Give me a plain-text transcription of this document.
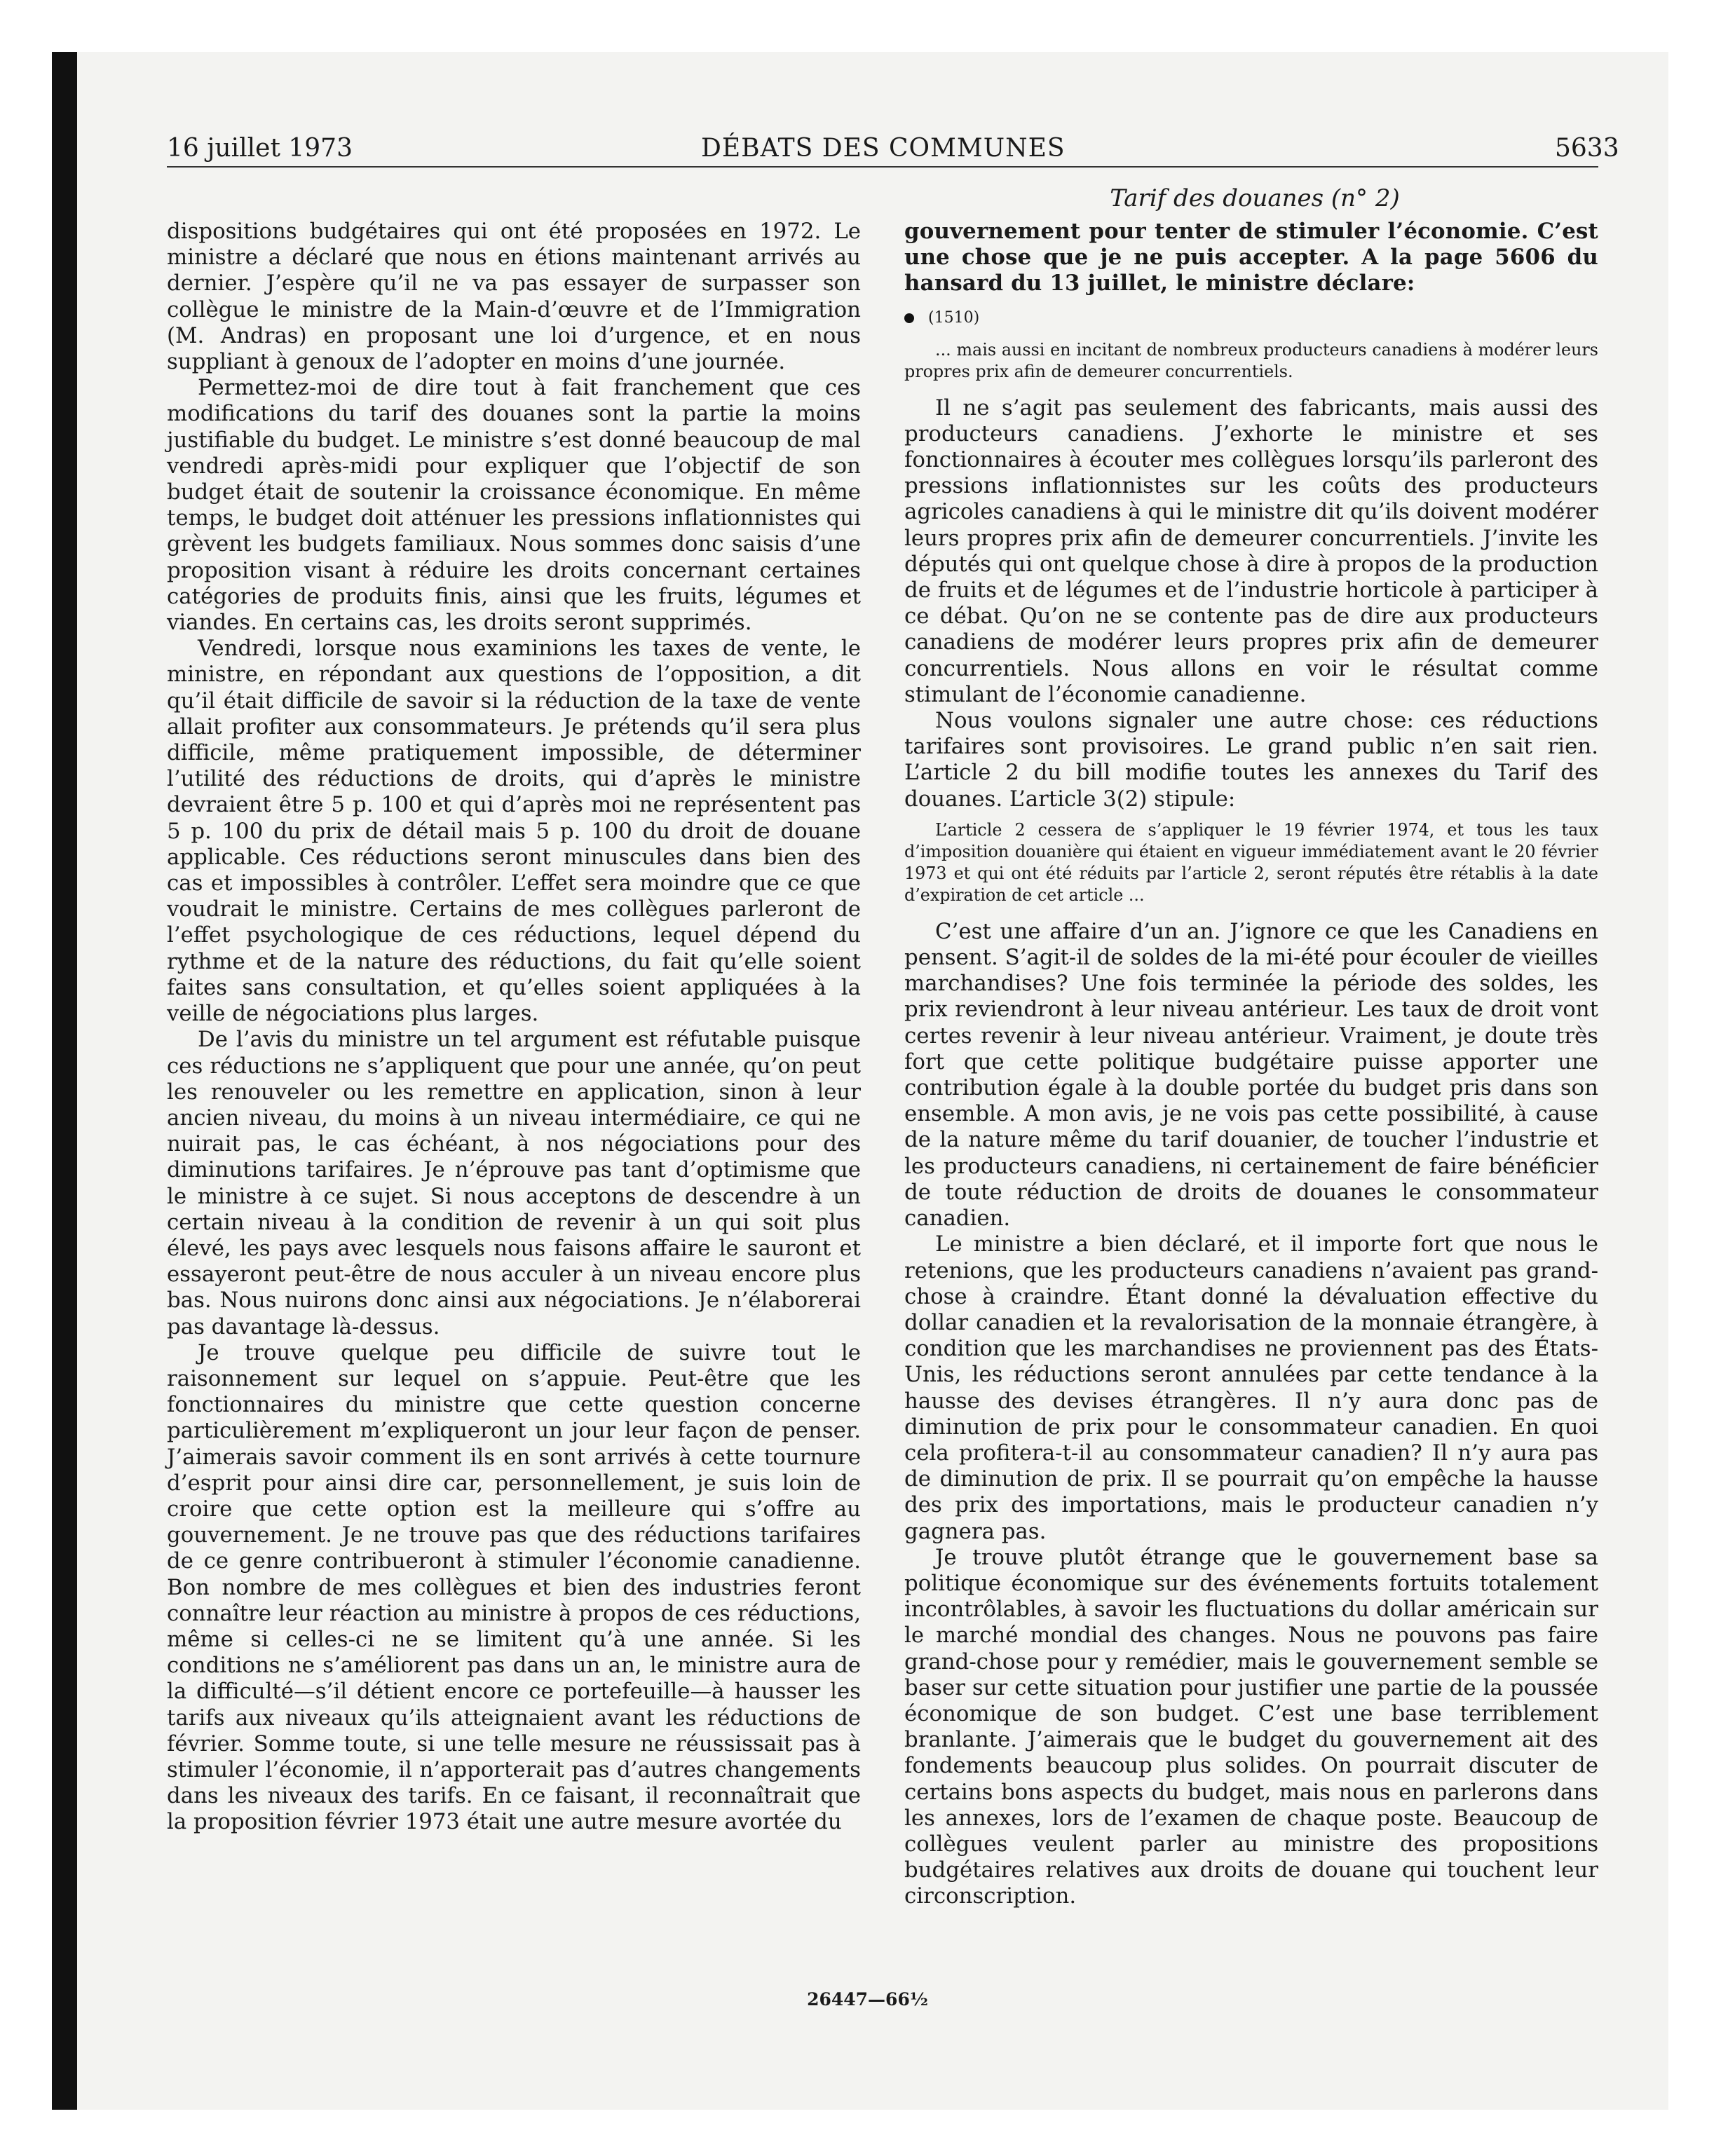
16 juillet 1973	DÉBATS DES COMMUNES	5633
Tarif des douanes (n° 2)

dispositions budgétaires qui ont été proposées en 1972. Le ministre a déclaré que nous en étions maintenant arrivés au dernier. J’espère qu’il ne va pas essayer de surpasser son collègue le ministre de la Main-d’œuvre et de l’Immigration (M. Andras) en proposant une loi d’urgence, et en nous suppliant à genoux de l’adopter en moins d’une journée.

Permettez-moi de dire tout à fait franchement que ces modifications du tarif des douanes sont la partie la moins justifiable du budget. Le ministre s’est donné beaucoup de mal vendredi après-midi pour expliquer que l’objectif de son budget était de soutenir la croissance économique. En même temps, le budget doit atténuer les pressions inflationnistes qui grèvent les budgets familiaux. Nous sommes donc saisis d’une proposition visant à réduire les droits concernant certaines catégories de produits finis, ainsi que les fruits, légumes et viandes. En certains cas, les droits seront supprimés.

Vendredi, lorsque nous examinions les taxes de vente, le ministre, en répondant aux questions de l’opposition, a dit qu’il était difficile de savoir si la réduction de la taxe de vente allait profiter aux consommateurs. Je prétends qu’il sera plus difficile, même pratiquement impossible, de déterminer l’utilité des réductions de droits, qui d’après le ministre devraient être 5 p. 100 et qui d’après moi ne représentent pas 5 p. 100 du prix de détail mais 5 p. 100 du droit de douane applicable. Ces réductions seront minuscules dans bien des cas et impossibles à contrôler. L’effet sera moindre que ce que voudrait le ministre. Certains de mes collègues parleront de l’effet psychologique de ces réductions, lequel dépend du rythme et de la nature des réductions, du fait qu’elle soient faites sans consultation, et qu’elles soient appliquées à la veille de négociations plus larges.

De l’avis du ministre un tel argument est réfutable puisque ces réductions ne s’appliquent que pour une année, qu’on peut les renouveler ou les remettre en application, sinon à leur ancien niveau, du moins à un niveau intermédiaire, ce qui ne nuirait pas, le cas échéant, à nos négociations pour des diminutions tarifaires. Je n’éprouve pas tant d’optimisme que le ministre à ce sujet. Si nous acceptons de descendre à un certain niveau à la condition de revenir à un qui soit plus élevé, les pays avec lesquels nous faisons affaire le sauront et essayeront peut-être de nous acculer à un niveau encore plus bas. Nous nuirons donc ainsi aux négociations. Je n’élaborerai pas davantage là-dessus.

Je trouve quelque peu difficile de suivre tout le raisonnement sur lequel on s’appuie. Peut-être que les fonctionnaires du ministre que cette question concerne particulièrement m’expliqueront un jour leur façon de penser. J’aimerais savoir comment ils en sont arrivés à cette tournure d’esprit pour ainsi dire car, personnellement, je suis loin de croire que cette option est la meilleure qui s’offre au gouvernement. Je ne trouve pas que des réductions tarifaires de ce genre contribueront à stimuler l’économie canadienne. Bon nombre de mes collègues et bien des industries feront connaître leur réaction au ministre à propos de ces réductions, même si celles-ci ne se limitent qu’à une année. Si les conditions ne s’améliorent pas dans un an, le ministre aura de la difficulté—s’il détient encore ce portefeuille—à hausser les tarifs aux niveaux qu’ils atteignaient avant les réductions de février. Somme toute, si une telle mesure ne réussissait pas à stimuler l’économie, il n’apporterait pas d’autres changements dans les niveaux des tarifs. En ce faisant, il reconnaîtrait que la proposition février 1973 était une autre mesure avortée du

gouvernement pour tenter de stimuler l’économie. C’est une chose que je ne puis accepter. A la page 5606 du hansard du 13 juillet, le ministre déclare:

(1510)
... mais aussi en incitant de nombreux producteurs canadiens à modérer leurs propres prix afin de demeurer concurrentiels.

Il ne s’agit pas seulement des fabricants, mais aussi des producteurs canadiens. J’exhorte le ministre et ses fonctionnaires à écouter mes collègues lorsqu’ils parleront des pressions inflationnistes sur les coûts des producteurs agricoles canadiens à qui le ministre dit qu’ils doivent modérer leurs propres prix afin de demeurer concurrentiels. J’invite les députés qui ont quelque chose à dire à propos de la production de fruits et de légumes et de l’industrie horticole à participer à ce débat. Qu’on ne se contente pas de dire aux producteurs canadiens de modérer leurs propres prix afin de demeurer concurrentiels. Nous allons en voir le résultat comme stimulant de l’économie canadienne.

Nous voulons signaler une autre chose: ces réductions tarifaires sont provisoires. Le grand public n’en sait rien. L’article 2 du bill modifie toutes les annexes du Tarif des douanes. L’article 3(2) stipule:

L’article 2 cessera de s’appliquer le 19 février 1974, et tous les taux d’imposition douanière qui étaient en vigueur immédiatement avant le 20 février 1973 et qui ont été réduits par l’article 2, seront réputés être rétablis à la date d’expiration de cet article ...

C’est une affaire d’un an. J’ignore ce que les Canadiens en pensent. S’agit-il de soldes de la mi-été pour écouler de vieilles marchandises? Une fois terminée la période des soldes, les prix reviendront à leur niveau antérieur. Les taux de droit vont certes revenir à leur niveau antérieur. Vraiment, je doute très fort que cette politique budgétaire puisse apporter une contribution égale à la double portée du budget pris dans son ensemble. A mon avis, je ne vois pas cette possibilité, à cause de la nature même du tarif douanier, de toucher l’industrie et les producteurs canadiens, ni certainement de faire bénéficier de toute réduction de droits de douanes le consommateur canadien.

Le ministre a bien déclaré, et il importe fort que nous le retenions, que les producteurs canadiens n’avaient pas grand-chose à craindre. Étant donné la dévaluation effective du dollar canadien et la revalorisation de la monnaie étrangère, à condition que les marchandises ne proviennent pas des États-Unis, les réductions seront annulées par cette tendance à la hausse des devises étrangères. Il n’y aura donc pas de diminution de prix pour le consommateur canadien. En quoi cela profitera-t-il au consommateur canadien? Il n’y aura pas de diminution de prix. Il se pourrait qu’on empêche la hausse des prix des importations, mais le producteur canadien n’y gagnera pas.

Je trouve plutôt étrange que le gouvernement base sa politique économique sur des événements fortuits totalement incontrôlables, à savoir les fluctuations du dollar américain sur le marché mondial des changes. Nous ne pouvons pas faire grand-chose pour y remédier, mais le gouvernement semble se baser sur cette situation pour justifier une partie de la poussée économique de son budget. C’est une base terriblement branlante. J’aimerais que le budget du gouvernement ait des fondements beaucoup plus solides. On pourrait discuter de certains bons aspects du budget, mais nous en parlerons dans les annexes, lors de l’examen de chaque poste. Beaucoup de collègues veulent parler au ministre des propositions budgétaires relatives aux droits de douane qui touchent leur circonscription.

26447—66½
